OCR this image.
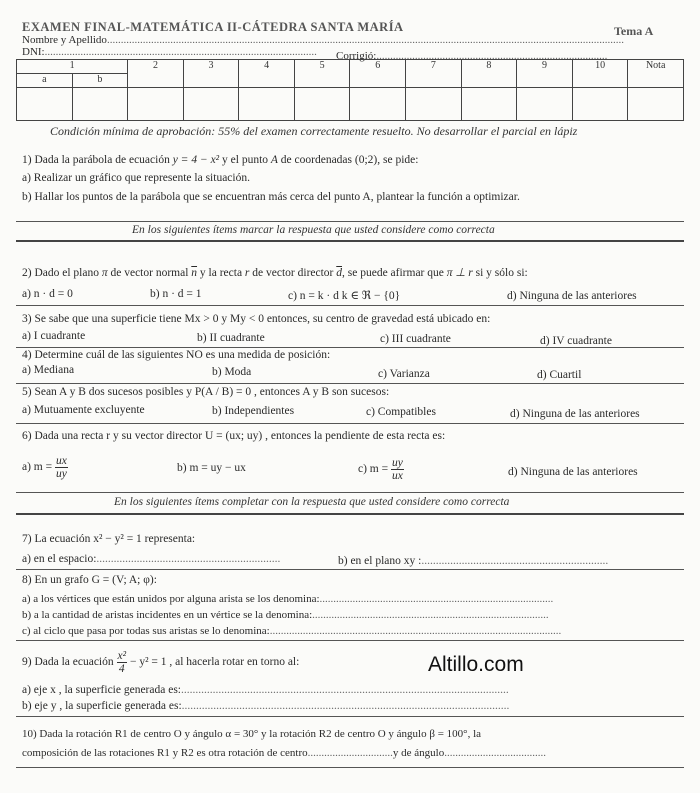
EXAMEN FINAL-MATEMÁTICA II-CÁTEDRA SANTA MARÍA	Tema A
Nombre y Apellido............................................................................................................................................................................................
DNI:................................................................................................... Corrigió:....................................................................................
1		2	3	4	5	6	7	8	9	10	Nota
a	b										

Condición mínima de aprobación: 55% del examen correctamente resuelto. No desarrollar el parcial en lápiz
1) Dada la parábola de ecuación y = 4 − x² y el punto A de coordenadas (0;2), se pide:
a) Realizar un gráfico que represente la situación.
b) Hallar los puntos de la parábola que se encuentran más cerca del punto A, plantear la función a optimizar.
En los siguientes ítems marcar la respuesta que usted considere como correcta
2) Dado el plano π de vector normal $\overline{n}$ y la recta r de vector director $\overline{d}$, se puede afirmar que π ⊥ r si y sólo si:
a) n · d = 0	b) n · d = 1	c) n = k · d k ∈ ℜ − {0}	d) Ninguna de las anteriores
3) Se sabe que una superficie tiene Mx > 0 y My < 0 entonces, su centro de gravedad está ubicado en:
a) I cuadrante	b) II cuadrante	c) III cuadrante	d) IV cuadrante
4) Determine cuál de las siguientes NO es una medida de posición:
a) Mediana	b) Moda	c) Varianza	d) Cuartil
5) Sean A y B dos sucesos posibles y P(A / B) = 0 , entonces A y B son sucesos:
a) Mutuamente excluyente	b) Independientes	c) Compatibles	d) Ninguna de las anteriores
6) Dada una recta r y su vector director U = (ux; uy) , entonces la pendiente de esta recta es:
a) $m = \frac{ux}{uy}$	b) m = uy − ux	c) $m = \frac{uy}{ux}$	d) Ninguna de las anteriores
En los siguientes ítems completar con la respuesta que usted considere como correcta
7) La ecuación x² − y² = 1 representa:
a) en el espacio:................................................................	b) en el plano xy :.................................................................
8) En un grafo G = (V; A; φ):
a) a los vértices que están unidos por alguna arista se los denomina:.....................................................................................
b) a la cantidad de aristas incidentes en un vértice se la denomina:......................................................................................
c) al ciclo que pasa por todas sus aristas se lo denomina:..........................................................................................................
9) Dada la ecuación $\frac{\text{x²}}{4} - y^2 = 1$ , al hacerla rotar en torno al:	Altillo.com
a) eje x , la superficie generada es:..................................................................................................................
b) eje y , la superficie generada es:..................................................................................................................
10) Dada la rotación R1 de centro O y ángulo α = 30° y la rotación R2 de centro O y ángulo β = 100°, la
composición de las rotaciones R1 y R2 es otra rotación de centro...............................y de ángulo.....................................
